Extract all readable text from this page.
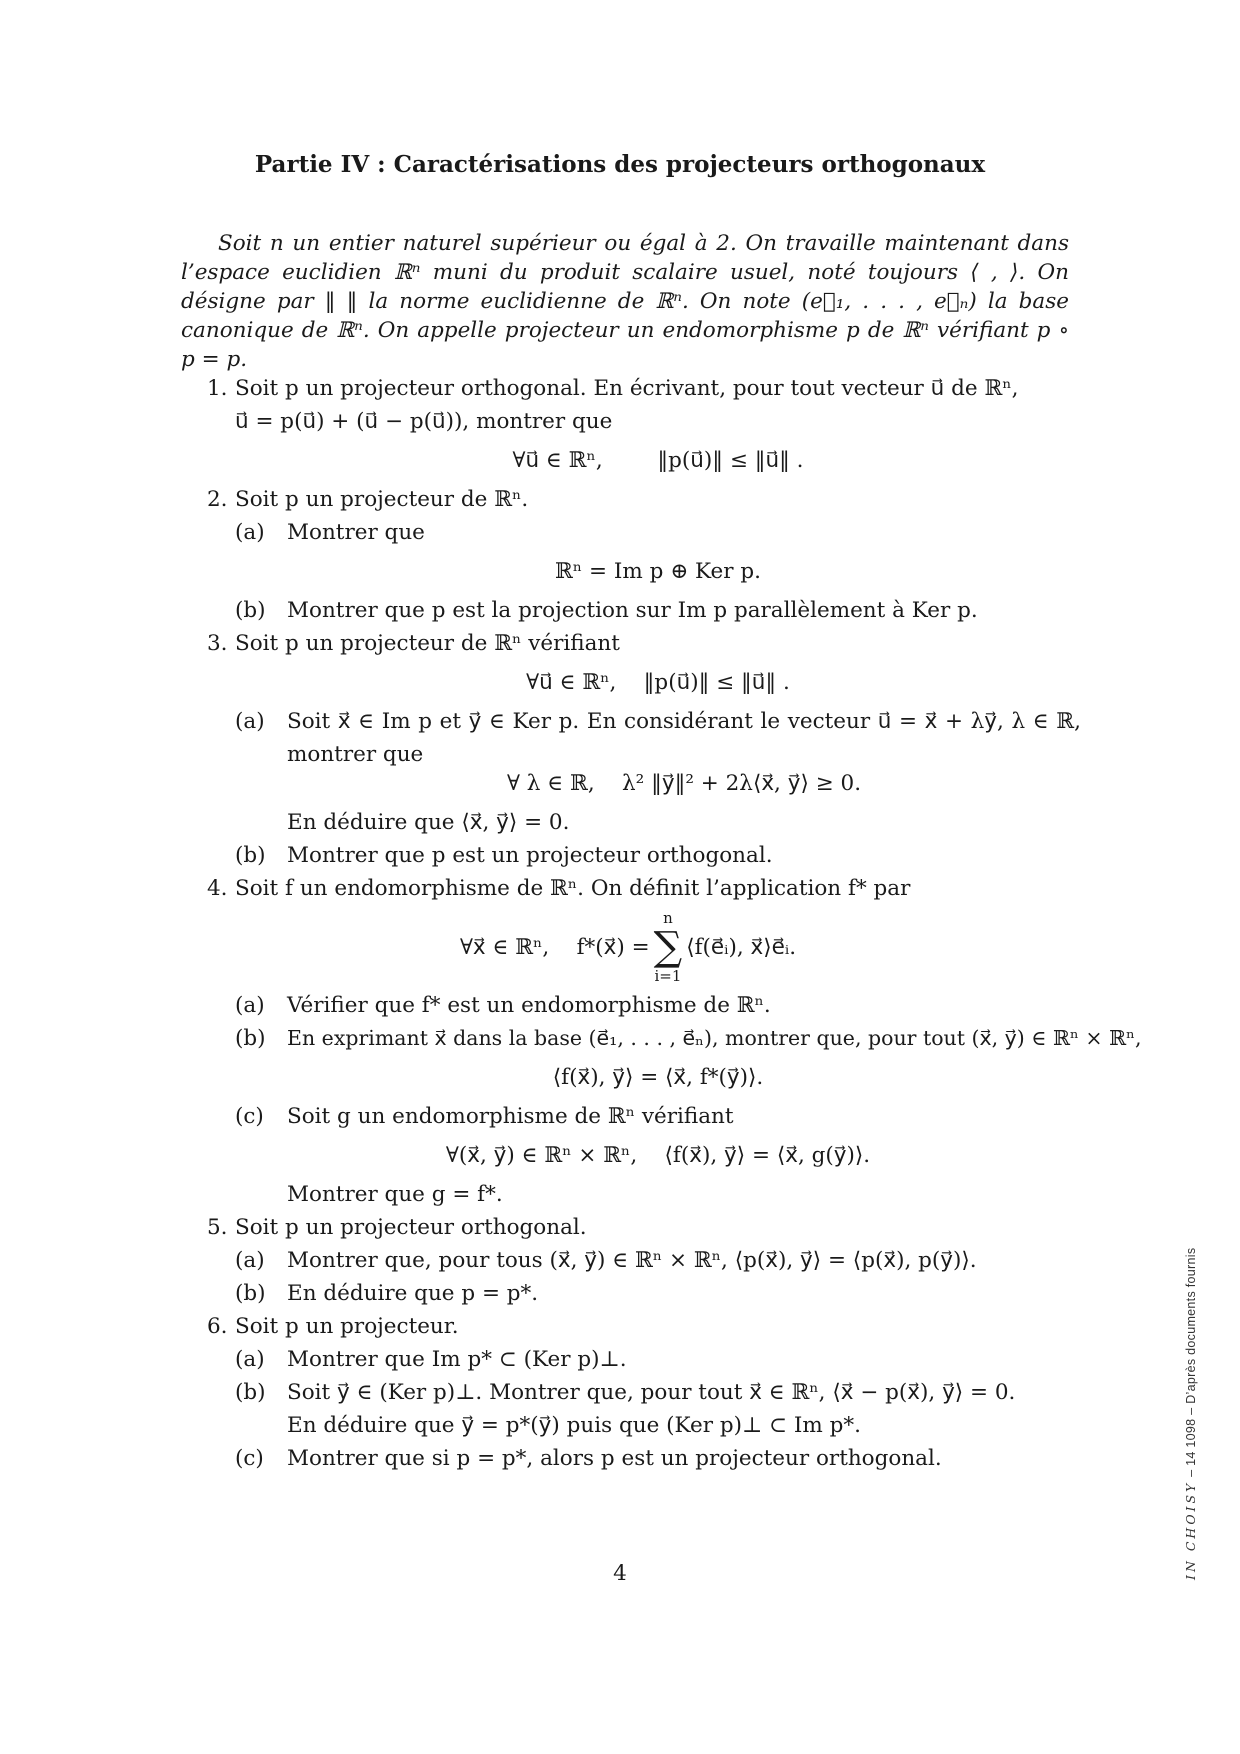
Partie IV : Caractérisations des projecteurs orthogonaux

Soit n un entier naturel supérieur ou égal à 2. On travaille maintenant dans l’espace euclidien ℝⁿ muni du produit scalaire usuel, noté toujours ⟨ , ⟩. On désigne par ‖ ‖ la norme euclidienne de ℝⁿ. On note (e⃗₁, . . . , e⃗ₙ) la base canonique de ℝⁿ. On appelle projecteur un endomorphisme p de ℝⁿ vérifiant p ∘ p = p.

1. Soit p un projecteur orthogonal. En écrivant, pour tout vecteur u⃗ de ℝⁿ,
u⃗ = p(u⃗) + (u⃗ − p(u⃗)), montrer que
∀u⃗ ∈ ℝⁿ,        ‖p(u⃗)‖ ≤ ‖u⃗‖ .
2. Soit p un projecteur de ℝⁿ.
(a) Montrer que
ℝⁿ = Im p ⊕ Ker p.
(b) Montrer que p est la projection sur Im p parallèlement à Ker p.
3. Soit p un projecteur de ℝⁿ vérifiant
∀u⃗ ∈ ℝⁿ,    ‖p(u⃗)‖ ≤ ‖u⃗‖ .
(a) Soit x⃗ ∈ Im p et y⃗ ∈ Ker p. En considérant le vecteur u⃗ = x⃗ + λy⃗, λ ∈ ℝ, montrer que
∀ λ ∈ ℝ,    λ² ‖y⃗‖² + 2λ⟨x⃗, y⃗⟩ ≥ 0.
En déduire que ⟨x⃗, y⃗⟩ = 0.
(b) Montrer que p est un projecteur orthogonal.
4. Soit f un endomorphisme de ℝⁿ. On définit l’application f* par
∀x⃗ ∈ ℝⁿ,    f*(x⃗) =
n
∑
i=1
⟨f(e⃗ᵢ), x⃗⟩e⃗ᵢ.
(a) Vérifier que f* est un endomorphisme de ℝⁿ.
(b) En exprimant x⃗ dans la base (e⃗₁, . . . , e⃗ₙ), montrer que, pour tout (x⃗, y⃗) ∈ ℝⁿ × ℝⁿ,
⟨f(x⃗), y⃗⟩ = ⟨x⃗, f*(y⃗)⟩.
(c) Soit g un endomorphisme de ℝⁿ vérifiant
∀(x⃗, y⃗) ∈ ℝⁿ × ℝⁿ,    ⟨f(x⃗), y⃗⟩ = ⟨x⃗, g(y⃗)⟩.
Montrer que g = f*.
5. Soit p un projecteur orthogonal.
(a) Montrer que, pour tous (x⃗, y⃗) ∈ ℝⁿ × ℝⁿ, ⟨p(x⃗), y⃗⟩ = ⟨p(x⃗), p(y⃗)⟩.
(b) En déduire que p = p*.
6. Soit p un projecteur.
(a) Montrer que Im p* ⊂ (Ker p)⊥.
(b) Soit y⃗ ∈ (Ker p)⊥. Montrer que, pour tout x⃗ ∈ ℝⁿ, ⟨x⃗ − p(x⃗), y⃗⟩ = 0.
En déduire que y⃗ = p*(y⃗) puis que (Ker p)⊥ ⊂ Im p*.
(c) Montrer que si p = p*, alors p est un projecteur orthogonal.
4	IN CHOISY – 14 1098 – D’après documents fournis
